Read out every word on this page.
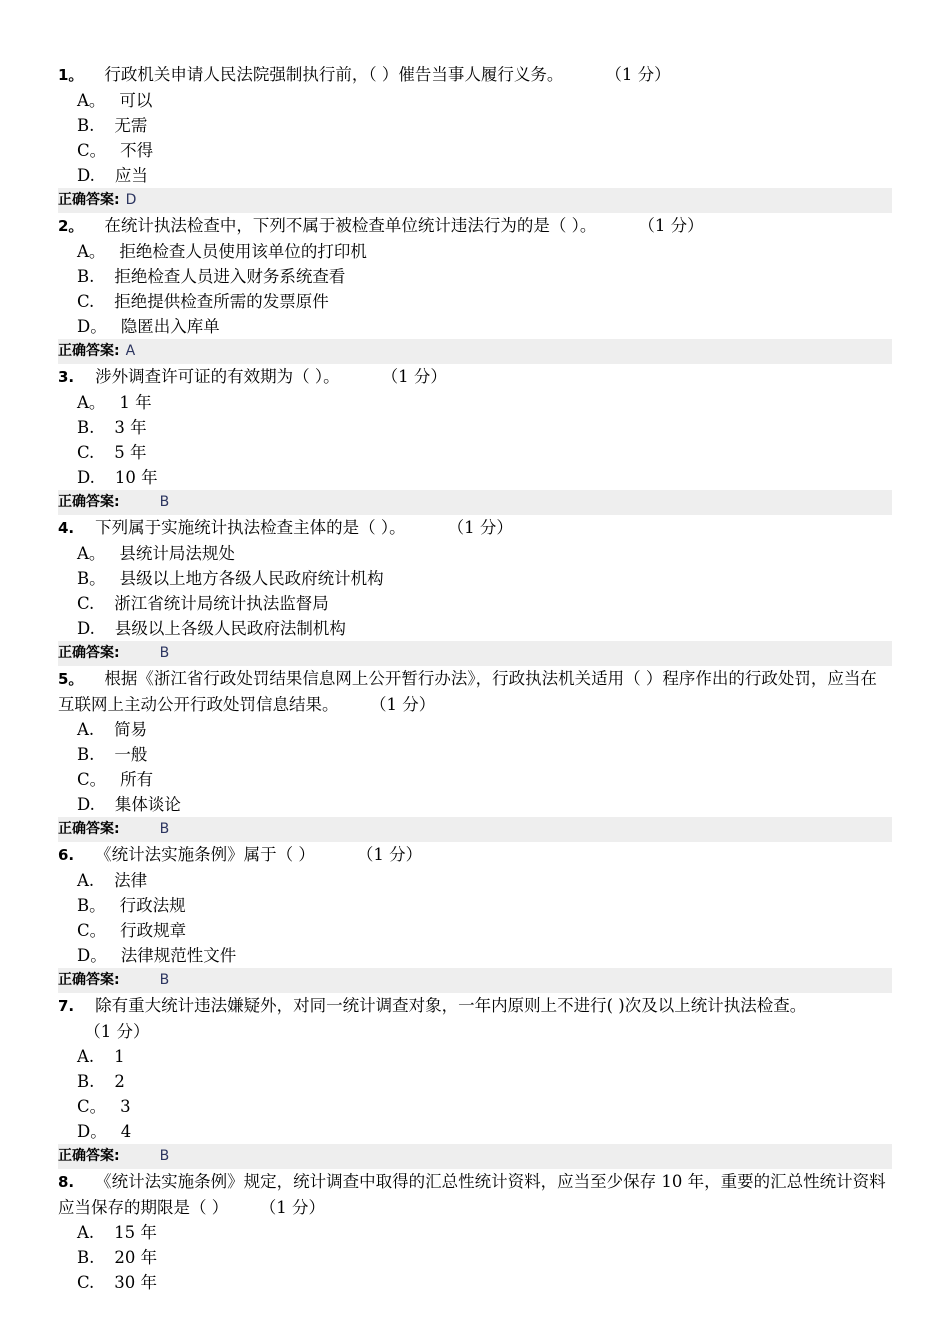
1。 行政机关申请人民法院强制执行前，（ ）催告当事人履行义务。        （1 分）
A。 可以
B. 无需
C。 不得
D. 应当
正确答案: D
2。 在统计执法检查中，下列不属于被检查单位统计违法行为的是（ ）。        （1 分）
A。 拒绝检查人员使用该单位的打印机
B. 拒绝检查人员进入财务系统查看
C. 拒绝提供检查所需的发票原件
D。 隐匿出入库单
正确答案: A
3. 涉外调查许可证的有效期为（ ）。        （1 分）
A。 1 年
B. 3 年
C. 5 年
D. 10 年
正确答案:	B
4. 下列属于实施统计执法检查主体的是（ ）。        （1 分）
A。 县统计局法规处
B。 县级以上地方各级人民政府统计机构
C. 浙江省统计局统计执法监督局
D. 县级以上各级人民政府法制机构
正确答案:	B
5。 根据《浙江省行政处罚结果信息网上公开暂行办法》，行政执法机关适用（ ）程序作出的行政处罚，应当在互联网上主动公开行政处罚信息结果。      （1 分）
A. 简易
B. 一般
C。 所有
D. 集体谈论
正确答案:	B
6. 《统计法实施条例》属于（ ）        （1 分）
A. 法律
B。 行政法规
C。 行政规章
D。 法律规范性文件
正确答案:	B
7. 除有重大统计违法嫌疑外，对同一统计调查对象，一年内原则上不进行( )次及以上统计执法检查。     （1 分）
A. 1
B. 2
C。 3
D。 4
正确答案:	B
8. 《统计法实施条例》规定，统计调查中取得的汇总性统计资料，应当至少保存 10 年，重要的汇总性统计资料应当保存的期限是（ ）      （1 分）
A. 15 年
B. 20 年
C. 30 年
